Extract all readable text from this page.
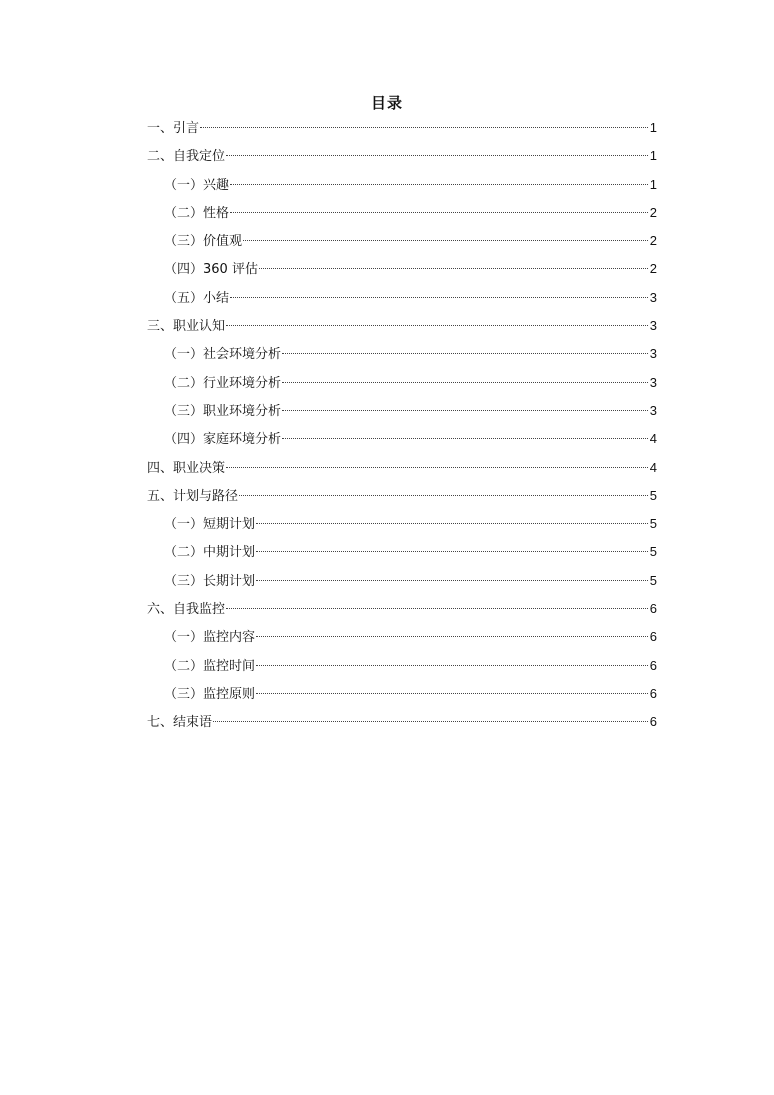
目录
一、引言	1
二、自我定位	1
（一）兴趣	1
（二）性格	2
（三）价值观	2
（四）360 评估	2
（五）小结	3
三、职业认知	3
（一）社会环境分析	3
（二）行业环境分析	3
（三）职业环境分析	3
（四）家庭环境分析	4
四、职业决策	4
五、计划与路径	5
（一）短期计划	5
（二）中期计划	5
（三）长期计划	5
六、自我监控	6
（一）监控内容	6
（二）监控时间	6
（三）监控原则	6
七、结束语	6
